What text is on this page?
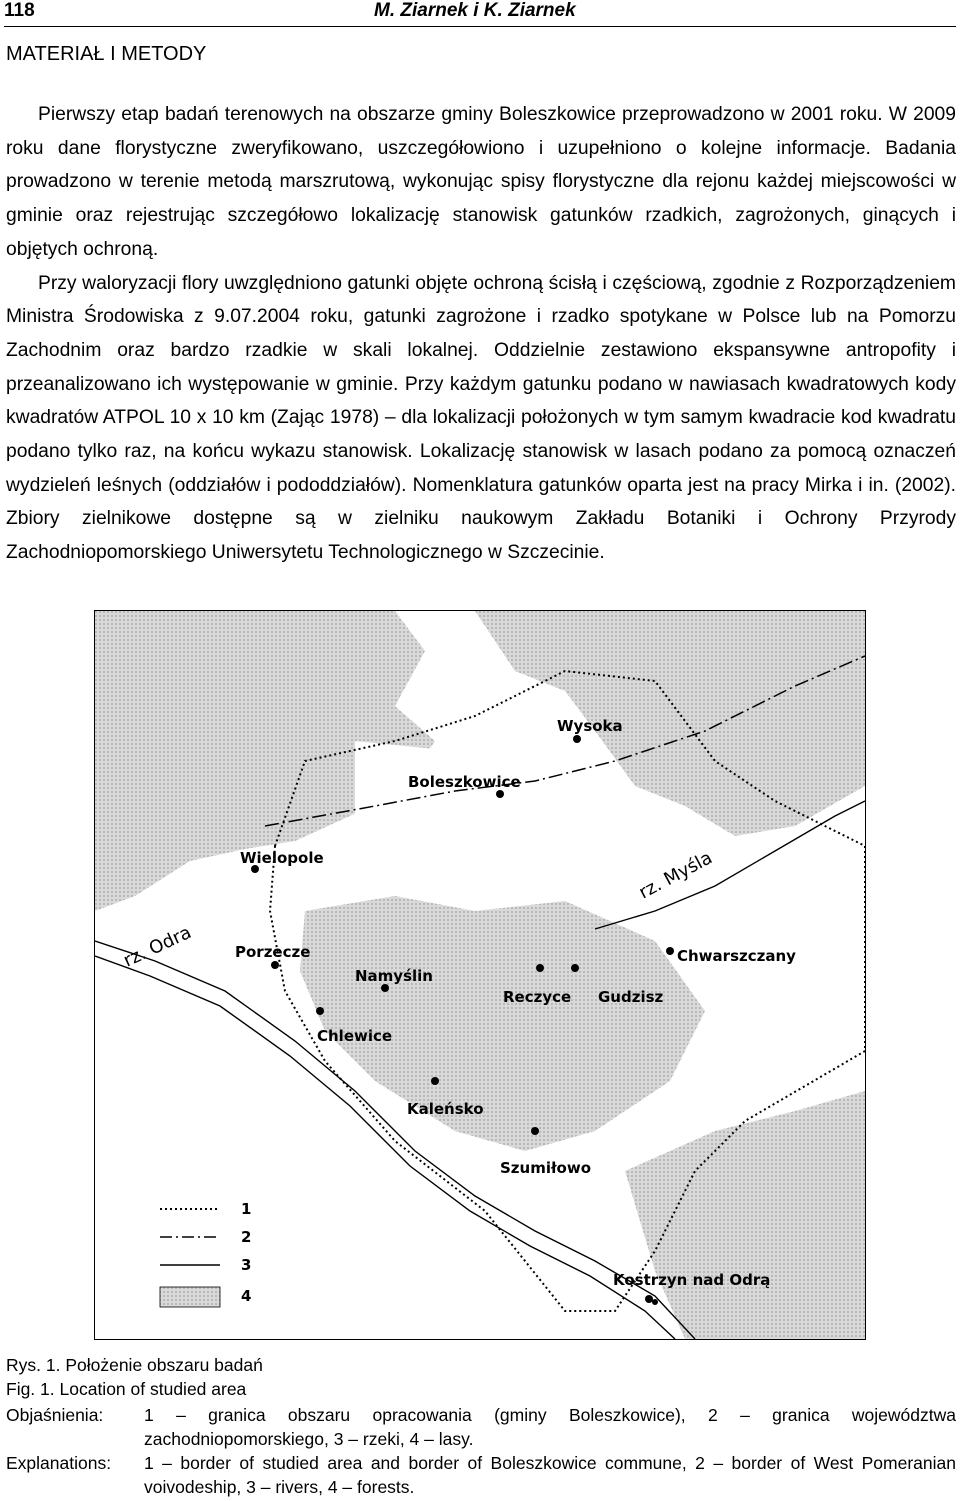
118	M. Ziarnek i K. Ziarnek
MATERIAŁ I METODY

Pierwszy etap badań terenowych na obszarze gminy Boleszkowice przeprowadzono w 2001 roku. W 2009 roku dane florystyczne zweryfikowano, uszczegółowiono i uzupełniono o kolejne informacje. Badania prowadzono w terenie metodą marszrutową, wykonując spisy florystyczne dla rejonu każdej miejscowości w gminie oraz rejestrując szczegółowo lokalizację stanowisk gatunków rzadkich, zagrożonych, ginących i objętych ochroną.

Przy waloryzacji flory uwzględniono gatunki objęte ochroną ścisłą i częściową, zgodnie z Rozporządzeniem Ministra Środowiska z 9.07.2004 roku, gatunki zagrożone i rzadko spotykane w Polsce lub na Pomorzu Zachodnim oraz bardzo rzadkie w skali lokalnej. Oddzielnie zestawiono ekspansywne antropofity i przeanalizowano ich występowanie w gminie. Przy każdym gatunku podano w nawiasach kwadratowych kody kwadratów ATPOL 10 x 10 km (Zając 1978) – dla lokalizacji położonych w tym samym kwadracie kod kwadratu podano tylko raz, na końcu wykazu stanowisk. Lokalizację stanowisk w lasach podano za pomocą oznaczeń wydzieleń leśnych (oddziałów i pododdziałów). Nomenklatura gatunków oparta jest na pracy Mirka i in. (2002). Zbiory zielnikowe dostępne są w zielniku naukowym Zakładu Botaniki i Ochrony Przyrody Zachodniopomorskiego Uniwersytetu Technologicznego w Szczecinie.

Wysoka
Boleszkowice
Wielopole
Porzecze
Namyślin
Reczyce Gudzisz
Chwarszczany
Chlewice
Kaleńsko
Szumiłowo
Kostrzyn nad Odrą
rz. Odra
rz. Myśla
1
2
3
4
Rys. 1. Położenie obszaru badań
Fig. 1. Location of studied area
Objaśnienia: 1 – granica obszaru opracowania (gminy Boleszkowice), 2 – granica województwa zachodniopomorskiego, 3 – rzeki, 4 – lasy.
Explanations: 1 – border of studied area and border of Boleszkowice commune, 2 – border of West Pomeranian voivodeship, 3 – rivers, 4 – forests.
